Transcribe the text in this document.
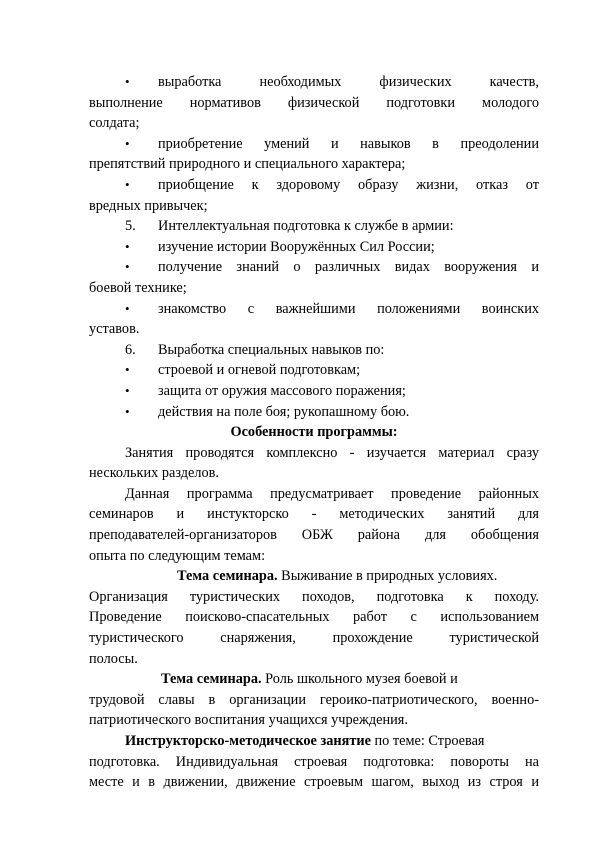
• выработка необходимых физических качеств,
выполнение нормативов физической подготовки молодого
солдата;
• приобретение умений и навыков в преодолении
препятствий природного и специального характера;
• приобщение к здоровому образу жизни, отказ от
вредных привычек;
5. Интеллектуальная подготовка к службе в армии:
• изучение истории Вооружённых Сил России;
• получение знаний о различных видах вооружения и
боевой технике;
• знакомство с важнейшими положениями воинских
уставов.
6. Выработка специальных навыков по:
• строевой и огневой подготовкам;
• защита от оружия массового поражения;
• действия на поле боя; рукопашному бою.
Особенности программы:
Занятия проводятся комплексно - изучается материал сразу
нескольких разделов.
Данная программа предусматривает проведение районных
семинаров и инстукторско - методических занятий для
преподавателей-организаторов ОБЖ района для обобщения
опыта по следующим темам:
Тема семинара. Выживание в природных условиях.
Организация туристических походов, подготовка к походу.
Проведение поисково-спасательных работ с использованием
туристического снаряжения, прохождение туристической
полосы.
Тема семинара. Роль школьного музея боевой и
трудовой славы в организации героико-патриотического, военно-
патриотического воспитания учащихся учреждения.
Инструкторско-методическое занятие по теме: Строевая
подготовка. Индивидуальная строевая подготовка: повороты на
месте и в движении, движение строевым шагом, выход из строя и
